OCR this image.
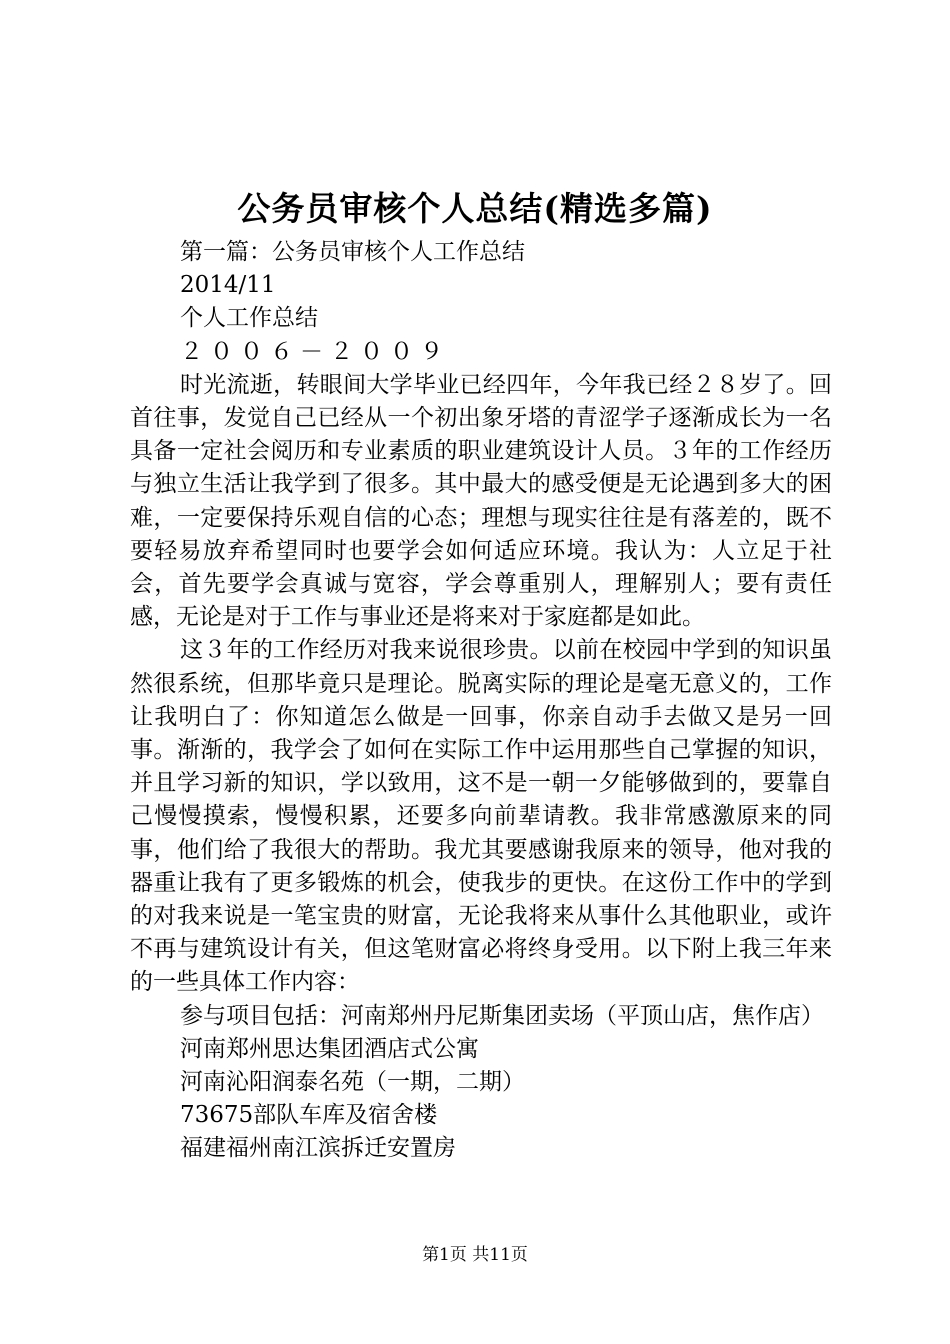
公务员审核个人总结(精选多篇)

第一篇：公务员审核个人工作总结

2014/11

个人工作总结

２００６－２００９

时光流逝，转眼间大学毕业已经四年，今年我已经２８岁了。回首往事，发觉自己已经从一个初出象牙塔的青涩学子逐渐成长为一名具备一定社会阅历和专业素质的职业建筑设计人员。３年的工作经历与独立生活让我学到了很多。其中最大的感受便是无论遇到多大的困难，一定要保持乐观自信的心态；理想与现实往往是有落差的，既不要轻易放弃希望同时也要学会如何适应环境。我认为：人立足于社会，首先要学会真诚与宽容，学会尊重别人，理解别人；要有责任感，无论是对于工作与事业还是将来对于家庭都是如此。

这３年的工作经历对我来说很珍贵。以前在校园中学到的知识虽然很系统，但那毕竟只是理论。脱离实际的理论是毫无意义的，工作让我明白了：你知道怎么做是一回事，你亲自动手去做又是另一回事。渐渐的，我学会了如何在实际工作中运用那些自己掌握的知识，并且学习新的知识，学以致用，这不是一朝一夕能够做到的，要靠自己慢慢摸索，慢慢积累，还要多向前辈请教。我非常感激原来的同事，他们给了我很大的帮助。我尤其要感谢我原来的领导，他对我的器重让我有了更多锻炼的机会，使我步的更快。在这份工作中的学到的对我来说是一笔宝贵的财富，无论我将来从事什么其他职业，或许不再与建筑设计有关，但这笔财富必将终身受用。以下附上我三年来的一些具体工作内容：

参与项目包括：河南郑州丹尼斯集团卖场（平顶山店，焦作店）

河南郑州思达集团酒店式公寓

河南沁阳润泰名苑（一期，二期）

73675部队车库及宿舍楼

福建福州南江滨拆迁安置房

第1页 共11页
